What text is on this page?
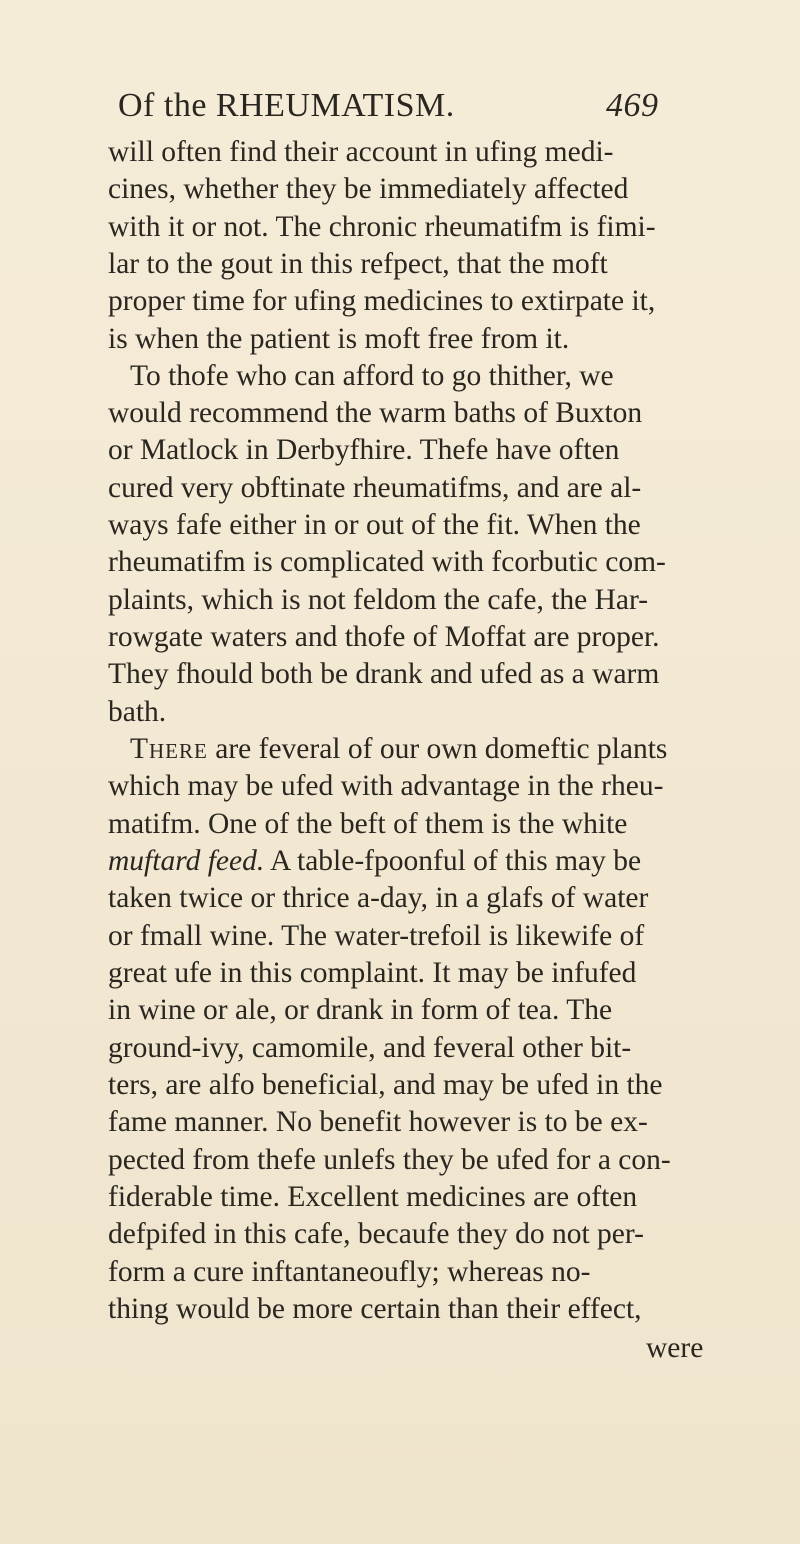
Of the RHEUMATISM.	469
will often find their account in ufing medi-
cines, whether they be immediately affected
with it or not. The chronic rheumatifm is fimi-
lar to the gout in this refpect, that the moft
proper time for ufing medicines to extirpate it,
is when the patient is moft free from it.
To thofe who can afford to go thither, we
would recommend the warm baths of Buxton
or Matlock in Derbyfhire. Thefe have often
cured very obftinate rheumatifms, and are al-
ways fafe either in or out of the fit. When the
rheumatifm is complicated with fcorbutic com-
plaints, which is not feldom the cafe, the Har-
rowgate waters and thofe of Moffat are proper.
They fhould both be drank and ufed as a warm
bath.
There are feveral of our own domeftic plants
which may be ufed with advantage in the rheu-
matifm. One of the beft of them is the white
muftard feed. A table-fpoonful of this may be
taken twice or thrice a-day, in a glafs of water
or fmall wine. The water-trefoil is likewife of
great ufe in this complaint. It may be infufed
in wine or ale, or drank in form of tea. The
ground-ivy, camomile, and feveral other bit-
ters, are alfo beneficial, and may be ufed in the
fame manner. No benefit however is to be ex-
pected from thefe unlefs they be ufed for a con-
fiderable time. Excellent medicines are often
defpifed in this cafe, becaufe they do not per-
form a cure inftantaneoufly; whereas no-
thing would be more certain than their effect,
were
